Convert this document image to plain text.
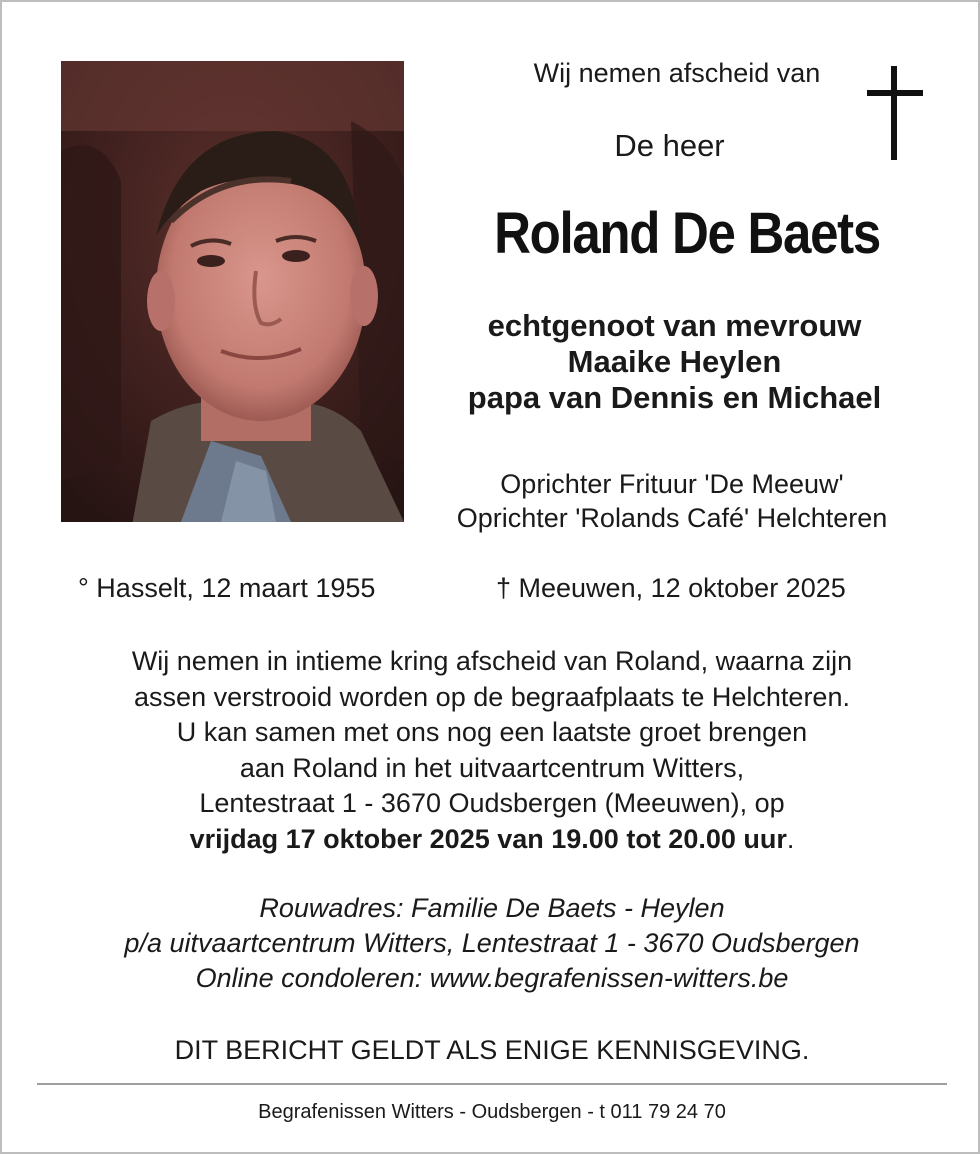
Wij nemen afscheid van
De heer
Roland De Baets
echtgenoot van mevrouw
Maaike Heylen
papa van Dennis en Michael
Oprichter Frituur 'De Meeuw'
Oprichter 'Rolands Café' Helchteren
° Hasselt, 12 maart 1955	† Meeuwen, 12 oktober 2025
Wij nemen in intieme kring afscheid van Roland, waarna zijn
assen verstrooid worden op de begraafplaats te Helchteren.
U kan samen met ons nog een laatste groet brengen
aan Roland in het uitvaartcentrum Witters,
Lentestraat 1 - 3670 Oudsbergen (Meeuwen), op
vrijdag 17 oktober 2025 van 19.00 tot 20.00 uur.
Rouwadres: Familie De Baets - Heylen
p/a uitvaartcentrum Witters, Lentestraat 1 - 3670 Oudsbergen
Online condoleren: www.begrafenissen-witters.be
DIT BERICHT GELDT ALS ENIGE KENNISGEVING.
Begrafenissen Witters - Oudsbergen - t 011 79 24 70
